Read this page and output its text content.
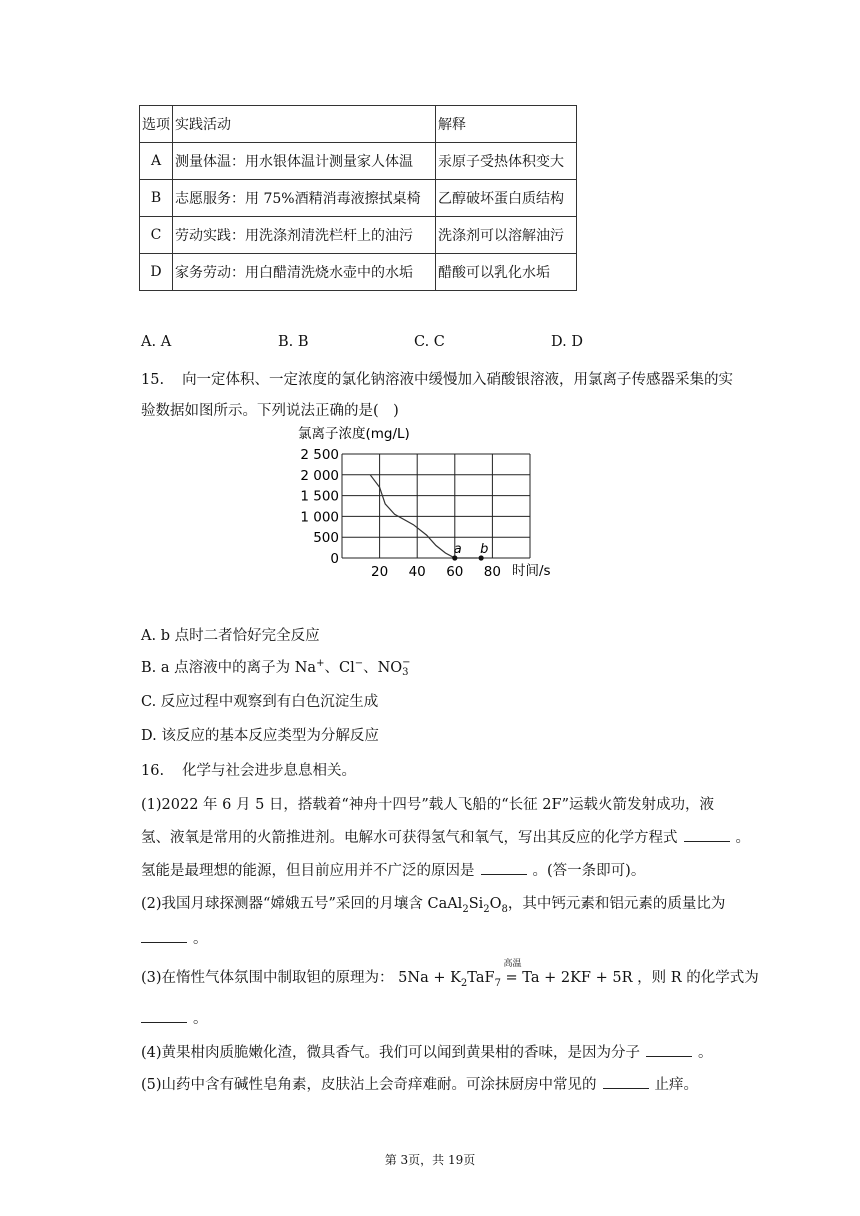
选项	实践活动	解释
A	测量体温：用水银体温计测量家人体温	汞原子受热体积变大
B	志愿服务：用 75%酒精消毒液擦拭桌椅	乙醇破坏蛋白质结构
C	劳动实践：用洗涤剂清洗栏杆上的油污	洗涤剂可以溶解油污
D	家务劳动：用白醋清洗烧水壶中的水垢	醋酸可以乳化水垢
A. A	B. B	C. C	D. D
15. 向一定体积、一定浓度的氯化钠溶液中缓慢加入硝酸银溶液，用氯离子传感器采集的实
验数据如图所示。下列说法正确的是(　)
氯离子浓度(mg/L)
2 500
2 000
1 500
1 000
500
0
20 40 60 80
a b
时间/s
A. b 点时二者恰好完全反应
B. a 点溶液中的离子为 Na+、Cl−、NO −
3
C. 反应过程中观察到有白色沉淀生成
D. 该反应的基本反应类型为分解反应
16. 化学与社会进步息息相关。
(1)2022 年 6 月 5 日，搭载着“神舟十四号”载人飞船的“长征 2F”运载火箭发射成功，液
氢、液氧是常用的火箭推进剂。电解水可获得氢气和氧气，写出其反应的化学方程式	。
氢能是最理想的能源，但目前应用并不广泛的原因是	。(答一条即可)。
(2)我国月球探测器“嫦娥五号”采回的月壤含 $CaAl_2Si_2O_8$，其中钙元素和铝元素的质量比为
。
(3)在惰性气体氛围中制取钽的原理为： $5Na + K_2TaF_7$
高温
= Ta + 2KF + 5R ，则 R 的化学式为
。
(4)黄果柑肉质脆嫩化渣，微具香气。我们可以闻到黄果柑的香味，是因为分子	。
(5)山药中含有碱性皂角素，皮肤沾上会奇痒难耐。可涂抹厨房中常见的	止痒。
第 3页，共 19页
